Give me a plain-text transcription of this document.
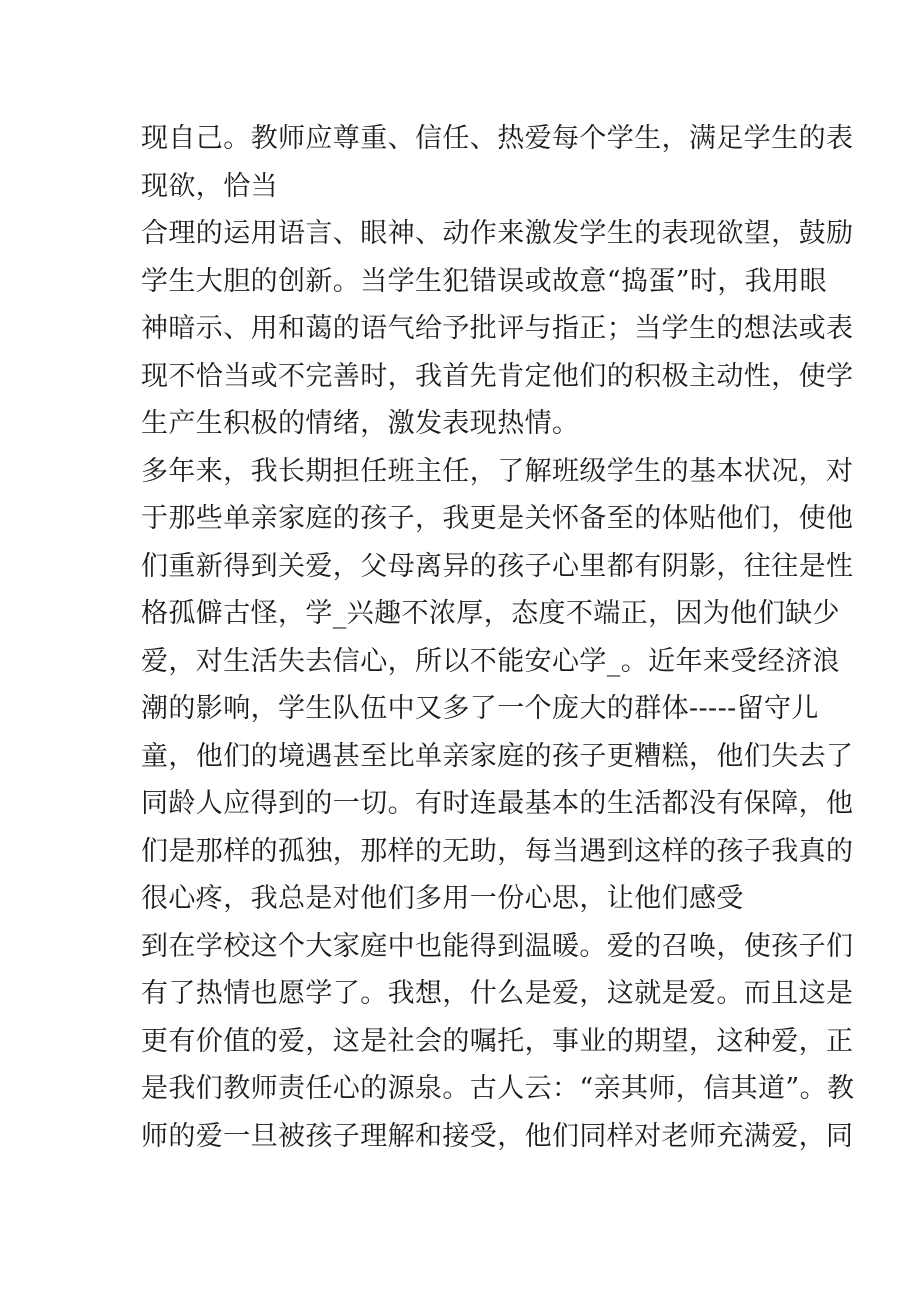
现自己。教师应尊重、信任、热爱每个学生，满足学生的表
现欲，恰当
合理的运用语言、眼神、动作来激发学生的表现欲望，鼓励
学生大胆的创新。当学生犯错误或故意“捣蛋”时，我用眼
神暗示、用和蔼的语气给予批评与指正；当学生的想法或表
现不恰当或不完善时，我首先肯定他们的积极主动性，使学
生产生积极的情绪，激发表现热情。
多年来，我长期担任班主任，了解班级学生的基本状况，对
于那些单亲家庭的孩子，我更是关怀备至的体贴他们，使他
们重新得到关爱，父母离异的孩子心里都有阴影，往往是性
格孤僻古怪，学_兴趣不浓厚，态度不端正，因为他们缺少
爱，对生活失去信心，所以不能安心学_。近年来受经济浪
潮的影响，学生队伍中又多了一个庞大的群体-----留守儿
童，他们的境遇甚至比单亲家庭的孩子更糟糕，他们失去了
同龄人应得到的一切。有时连最基本的生活都没有保障，他
们是那样的孤独，那样的无助，每当遇到这样的孩子我真的
很心疼，我总是对他们多用一份心思，让他们感受
到在学校这个大家庭中也能得到温暖。爱的召唤，使孩子们
有了热情也愿学了。我想，什么是爱，这就是爱。而且这是
更有价值的爱，这是社会的嘱托，事业的期望，这种爱，正
是我们教师责任心的源泉。古人云：“亲其师，信其道”。教
师的爱一旦被孩子理解和接受，他们同样对老师充满爱，同
